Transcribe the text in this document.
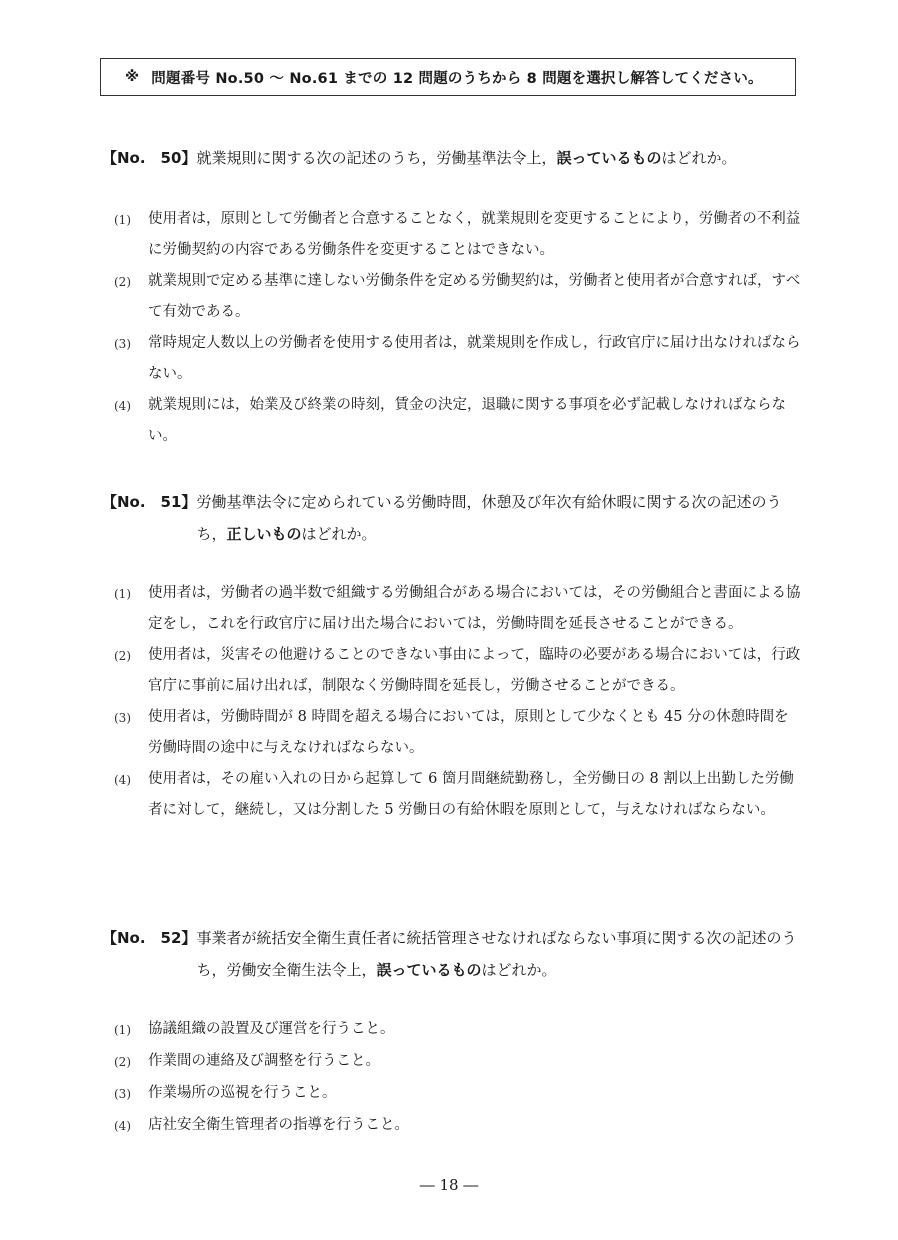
※ 問題番号 No.50 ～ No.61 までの 12 問題のうちから 8 問題を選択し解答してください。
【No.　50】 就業規則に関する次の記述のうち，労働基準法令上，誤っているものはどれか。
(1)	使用者は，原則として労働者と合意することなく，就業規則を変更することにより，労働者の不利益に労働契約の内容である労働条件を変更することはできない。
(2)	就業規則で定める基準に達しない労働条件を定める労働契約は，労働者と使用者が合意すれば，すべて有効である。
(3)	常時規定人数以上の労働者を使用する使用者は，就業規則を作成し，行政官庁に届け出なければならない。
(4)	就業規則には，始業及び終業の時刻，賃金の決定，退職に関する事項を必ず記載しなければならない。
【No.　51】 労働基準法令に定められている労働時間，休憩及び年次有給休暇に関する次の記述のうち，正しいものはどれか。
(1)	使用者は，労働者の過半数で組織する労働組合がある場合においては，その労働組合と書面による協定をし，これを行政官庁に届け出た場合においては，労働時間を延長させることができる。
(2)	使用者は，災害その他避けることのできない事由によって，臨時の必要がある場合においては，行政官庁に事前に届け出れば，制限なく労働時間を延長し，労働させることができる。
(3)	使用者は，労働時間が 8 時間を超える場合においては，原則として少なくとも 45 分の休憩時間を労働時間の途中に与えなければならない。
(4)	使用者は，その雇い入れの日から起算して 6 箇月間継続勤務し，全労働日の 8 割以上出勤した労働者に対して，継続し，又は分割した 5 労働日の有給休暇を原則として，与えなければならない。
【No.　52】 事業者が統括安全衛生責任者に統括管理させなければならない事項に関する次の記述のうち，労働安全衛生法令上，誤っているものはどれか。
(1)	協議組織の設置及び運営を行うこと。
(2)	作業間の連絡及び調整を行うこと。
(3)	作業場所の巡視を行うこと。
(4)	店社安全衛生管理者の指導を行うこと。
― 18 ―
